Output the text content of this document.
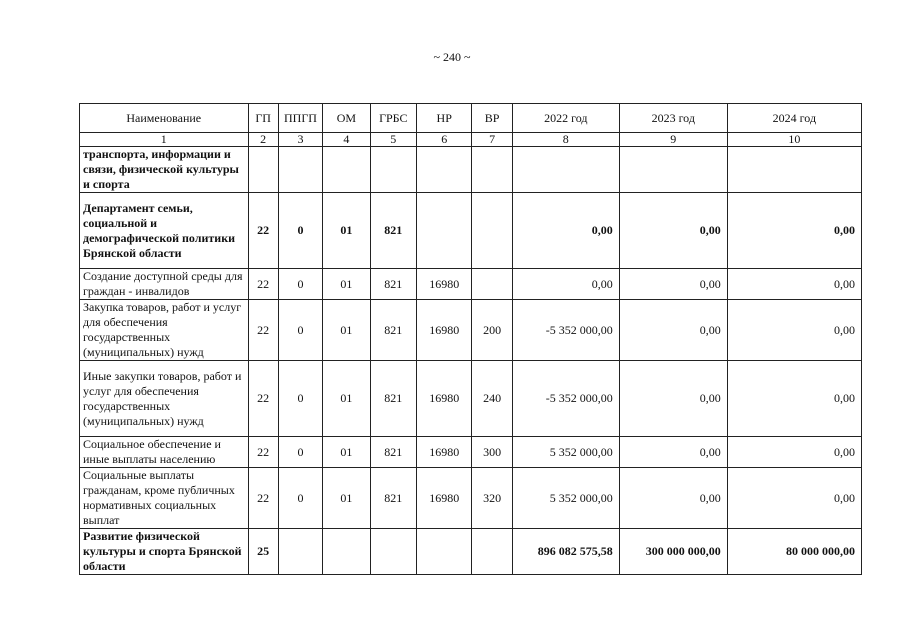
~ 240 ~
Наименование	ГП	ППГП	ОМ	ГРБС	НР	ВР	2022 год	2023 год	2024 год
1	2	3	4	5	6	7	8	9	10
транспорта, информации и связи, физической культуры и спорта									
Департамент семьи, социальной и демографической политики Брянской области	22	0	01	821			0,00	0,00	0,00
Создание доступной среды для граждан - инвалидов	22	0	01	821	16980		0,00	0,00	0,00
Закупка товаров, работ и услуг для обеспечения государственных (муниципальных) нужд	22	0	01	821	16980	200	-5 352 000,00	0,00	0,00
Иные закупки товаров, работ и услуг для обеспечения государственных (муниципальных) нужд	22	0	01	821	16980	240	-5 352 000,00	0,00	0,00
Социальное обеспечение и иные выплаты населению	22	0	01	821	16980	300	5 352 000,00	0,00	0,00
Социальные выплаты гражданам, кроме публичных нормативных социальных выплат	22	0	01	821	16980	320	5 352 000,00	0,00	0,00
Развитие физической культуры и спорта Брянской области	25						896 082 575,58	300 000 000,00	80 000 000,00
